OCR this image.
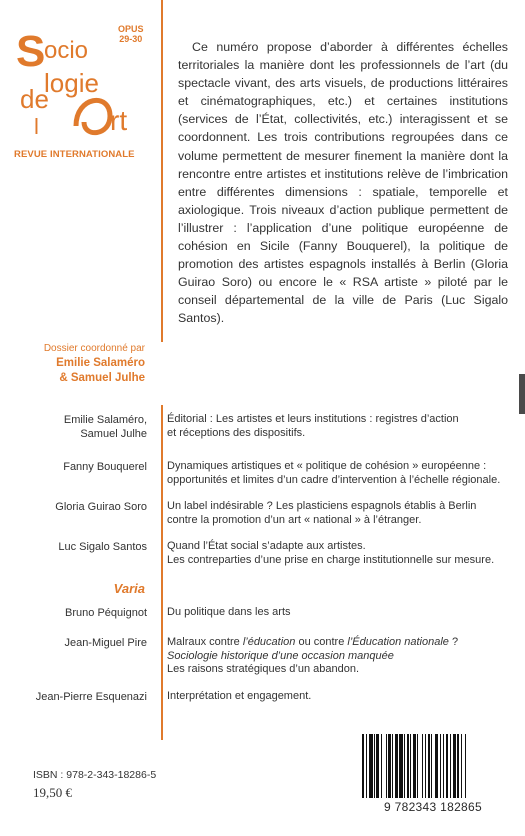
S
ocio
logie
de
l	rt
OPUS
29-30
REVUE INTERNATIONALE

Ce numéro propose d’aborder à différentes échelles territoriales la manière dont les professionnels de l’art (du spectacle vivant, des arts visuels, de productions littéraires et cinématographiques, etc.) et certaines institutions (services de l’État, collectivités, etc.) interagissent et se coordonnent. Les trois contributions regroupées dans ce volume permettent de mesurer finement la manière dont la rencontre entre artistes et institutions relève de l’imbrication entre différentes dimensions : spatiale, temporelle et axiologique. Trois niveaux d’action publique permettent de l’illustrer : l’application d’une politique européenne de cohésion en Sicile (Fanny Bouquerel), la politique de promotion des artistes espagnols installés à Berlin (Gloria Guirao Soro) ou encore le « RSA artiste » piloté par le conseil départemental de la ville de Paris (Luc Sigalo Santos).

Dossier coordonné par
Emilie Salaméro
& Samuel Julhe
Emilie Salaméro,
Samuel Julhe
Éditorial : Les artistes et leurs institutions : registres d’action
et réceptions des dispositifs.
Fanny Bouquerel Dynamiques artistiques et « politique de cohésion » européenne :
opportunités et limites d’un cadre d’intervention à l’échelle régionale.
Gloria Guirao Soro Un label indésirable ? Les plasticiens espagnols établis à Berlin
contre la promotion d’un art « national » à l’étranger.
Luc Sigalo Santos Quand l’État social s’adapte aux artistes.
Les contreparties d’une prise en charge institutionnelle sur mesure.
Varia
Bruno Péquignot Du politique dans les arts
Jean-Miguel Pire Malraux contre l’éducation ou contre l’Éducation nationale ?
Sociologie historique d’une occasion manquée
Les raisons stratégiques d’un abandon.
Jean-Pierre Esquenazi Interprétation et engagement.
ISBN : 978-2-343-18286-5
19,50 €
9 782343 182865
